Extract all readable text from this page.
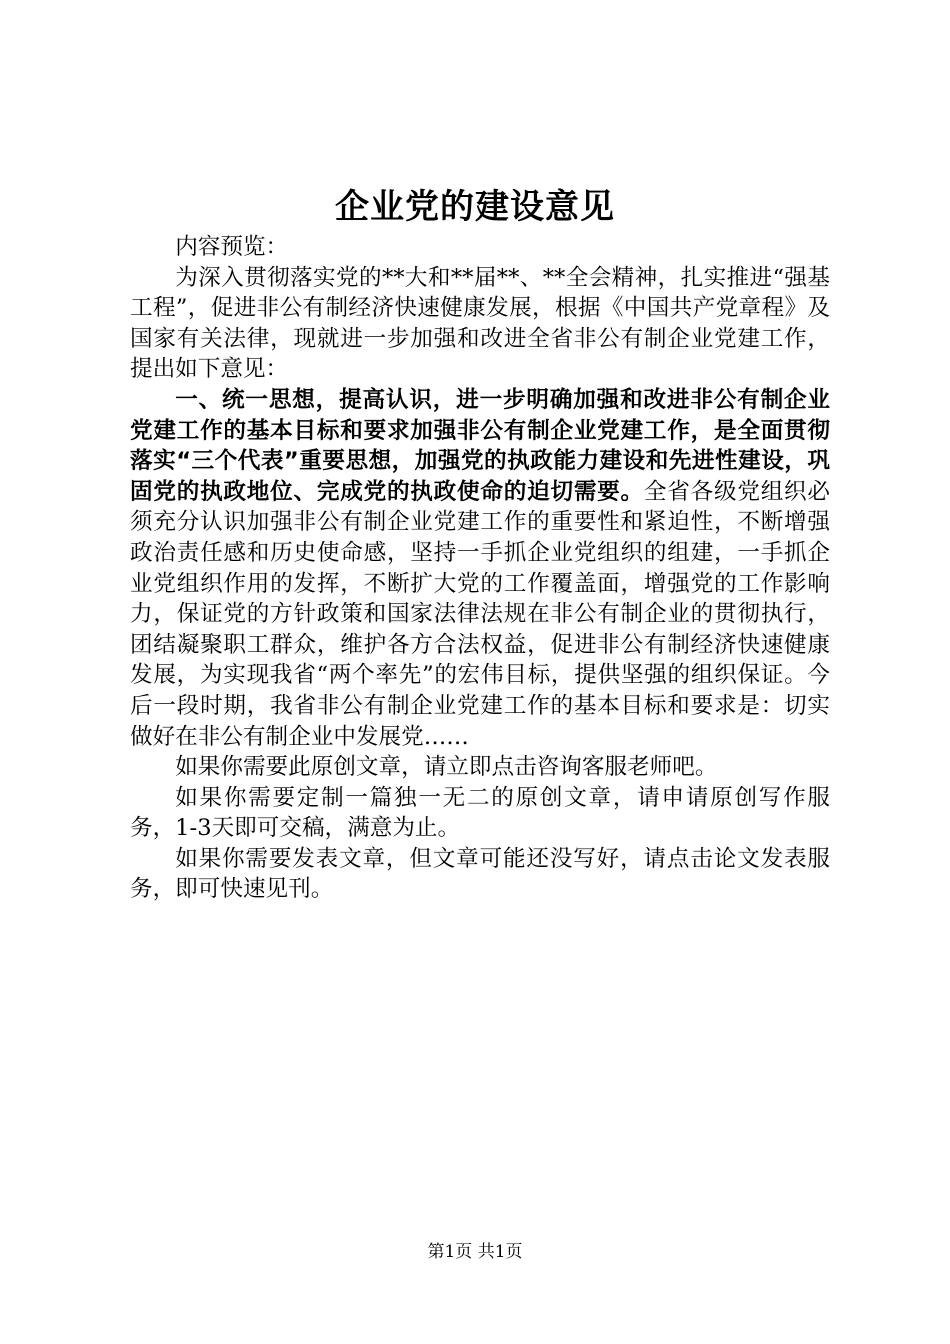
企业党的建设意见

内容预览：

为深入贯彻落实党的**大和**届**、**全会精神，扎实推进“强基工程”，促进非公有制经济快速健康发展，根据《中国共产党章程》及国家有关法律，现就进一步加强和改进全省非公有制企业党建工作，提出如下意见：

一、统一思想，提高认识，进一步明确加强和改进非公有制企业党建工作的基本目标和要求加强非公有制企业党建工作，是全面贯彻落实“三个代表”重要思想，加强党的执政能力建设和先进性建设，巩固党的执政地位、完成党的执政使命的迫切需要。全省各级党组织必须充分认识加强非公有制企业党建工作的重要性和紧迫性，不断增强政治责任感和历史使命感，坚持一手抓企业党组织的组建，一手抓企业党组织作用的发挥，不断扩大党的工作覆盖面，增强党的工作影响力，保证党的方针政策和国家法律法规在非公有制企业的贯彻执行，团结凝聚职工群众，维护各方合法权益，促进非公有制经济快速健康发展，为实现我省“两个率先”的宏伟目标，提供坚强的组织保证。今后一段时期，我省非公有制企业党建工作的基本目标和要求是：切实做好在非公有制企业中发展党……

如果你需要此原创文章，请立即点击咨询客服老师吧。

如果你需要定制一篇独一无二的原创文章，请申请原创写作服务，1-3天即可交稿，满意为止。

如果你需要发表文章，但文章可能还没写好，请点击论文发表服务，即可快速见刊。

第1页 共1页
